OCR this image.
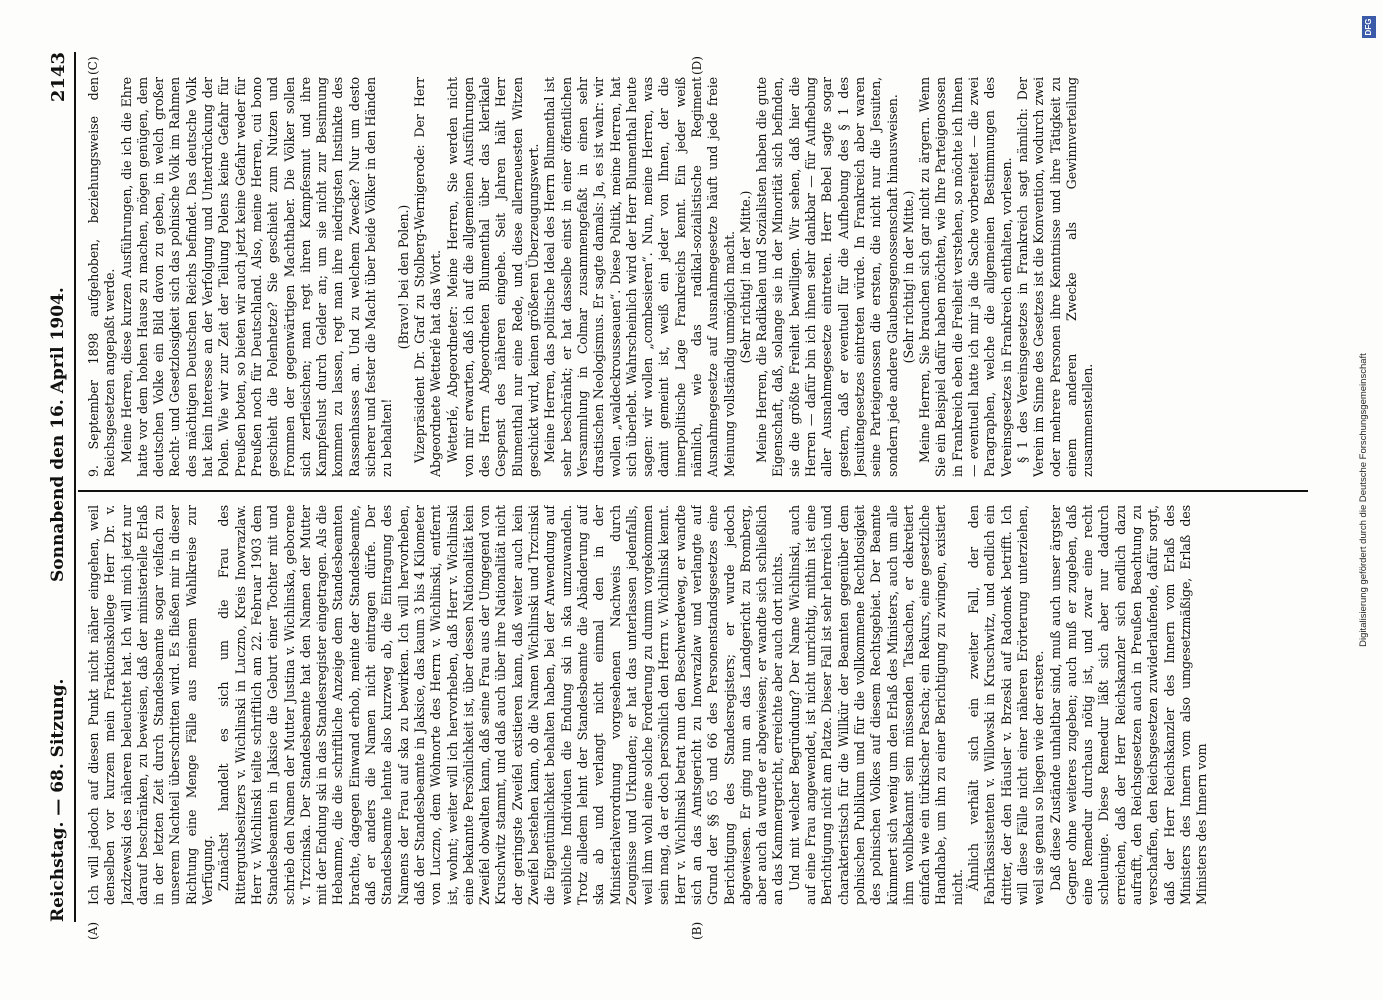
Reichstag. — 68. Sitzung.
Sonnabend den 16. April 1904.
2143
(A)	(B)
(C)	(D)

Ich will jedoch auf diesen Punkt nicht näher eingehen, weil denselben vor kurzem mein Fraktionskollege Herr Dr. v. Jazdzewski des näheren beleuchtet hat. Ich will mich jetzt nur darauf beschränken, zu beweisen, daß der ministerielle Erlaß in der letzten Zeit durch Standesbeamte sogar vielfach zu unserem Nachteil überschritten wird. Es fließen mir in dieser Richtung eine Menge Fälle aus meinem Wahlkreise zur Verfügung. Zunächst handelt es sich um die Frau des Rittergutsbesitzers v. Wichlinski in Luczno, Kreis Inowrazlaw. Herr v. Wichlinski teilte schriftlich am 22. Februar 1903 dem Standesbeamten in Jaksice die Geburt einer Tochter mit und schrieb den Namen der Mutter Justina v. Wichlinska, geborene v. Trzcinska. Der Standesbeamte hat den Namen der Mutter mit der Endung ski in das Standesregister eingetragen. Als die Hebamme, die die schriftliche Anzeige dem Standesbeamten brachte, dagegen Einwand erhob, meinte der Standesbeamte, daß er anders die Namen nicht eintragen dürfe. Der Standesbeamte lehnte also kurzweg ab, die Eintragung des Namens der Frau auf ska zu bewirken. Ich will hervorheben, daß der Standesbeamte in Jaksice, das kaum 3 bis 4 Kilometer von Luczno, dem Wohnorte des Herrn v. Wichlinski, entfernt ist, wohnt; weiter will ich hervorheben, daß Herr v. Wichlinski eine bekannte Persönlichkeit ist, über dessen Nationalität kein Zweifel obwalten kann, daß seine Frau aus der Umgegend von Kruschwitz stammt, und daß auch über ihre Nationalität nicht der geringste Zweifel existieren kann, daß weiter auch kein Zweifel bestehen kann, ob die Namen Wichlinski und Trzcinski die Eigentümlichkeit behalten haben, bei der Anwendung auf weibliche Individuen die Endung ski in ska umzuwandeln. Trotz alledem lehnt der Standesbeamte die Abänderung auf ska ab und verlangt nicht einmal den in der Ministerialverordnung vorgesehenen Nachweis durch Zeugnisse und Urkunden; er hat das unterlassen jedenfalls, weil ihm wohl eine solche Forderung zu dumm vorgekommen sein mag, da er doch persönlich den Herrn v. Wichlinski kennt. Herr v. Wichlinski betrat nun den Beschwerdeweg, er wandte sich an das Amtsgericht zu Inowrazlaw und verlangte auf Grund der §§ 65 und 66 des Personenstandsgesetzes eine Berichtigung des Standesregisters; er wurde jedoch abgewiesen. Er ging nun an das Landgericht zu Bromberg, aber auch da wurde er abgewiesen; er wandte sich schließlich an das Kammergericht, erreichte aber auch dort nichts. Und mit welcher Begründung? Der Name Wichlinski, auch auf eine Frau angewendet, ist nicht unrichtig, mithin ist eine Berichtigung nicht am Platze. Dieser Fall ist sehr lehrreich und charakteristisch für die Willkür der Beamten gegenüber dem polnischen Publikum und für die vollkommene Rechtlosigkeit des polnischen Volkes auf diesem Rechtsgebiet. Der Beamte kümmert sich wenig um den Erlaß des Ministers, auch um alle ihm wohlbekannt sein müssenden Tatsachen, er dekretiert einfach wie ein türkischer Pascha; ein Rekurs, eine gesetzliche Handhabe, um ihn zu einer Berichtigung zu zwingen, existiert nicht. Ähnlich verhält sich ein zweiter Fall, der den Fabrikassistenten v. Willowski in Kruschwitz, und endlich ein dritter, der den Häusler v. Brzeski auf Radomek betrifft. Ich will diese Fälle nicht einer näheren Erörterung unterziehen, weil sie genau so liegen wie der erstere. Daß diese Zustände unhaltbar sind, muß auch unser ärgster Gegner ohne weiteres zugeben; auch muß er zugeben, daß eine Remedur durchaus nötig ist, und zwar eine recht schleunige. Diese Remedur läßt sich aber nur dadurch erreichen, daß der Herr Reichskanzler sich endlich dazu aufrafft, den Reichsgesetzen auch in Preußen Beachtung zu verschaffen, den Reichsgesetzen zuwiderlaufende, dafür sorgt, daß der Herr Reichskanzler des Innern vom Erlaß des Ministers des Innern vom also umgesetzmäßige, Erlaß des Ministers des Innern vom

9. September 1898 aufgehoben, beziehungsweise den Reichsgesetzen angepaßt werde. Meine Herren, diese kurzen Ausführungen, die ich die Ehre hatte vor dem hohen Hause zu machen, mögen genügen, dem deutschen Volke ein Bild davon zu geben, in welch großer Recht- und Gesetzlosigkeit sich das polnische Volk im Rahmen des mächtigen Deutschen Reichs befindet. Das deutsche Volk hat kein Interesse an der Verfolgung und Unterdrückung der Polen. Wie wir zur Zeit der Teilung Polens keine Gefahr für Preußen boten, so bieten wir auch jetzt keine Gefahr weder für Preußen noch für Deutschland. Also, meine Herren, cui bono geschieht die Polenhetze? Sie geschieht zum Nutzen und Frommen der gegenwärtigen Machthaber. Die Völker sollen sich zerfleischen; man regt ihren Kampfesmut und ihre Kampfeslust durch Gelder an; um sie nicht zur Besinnung kommen zu lassen, regt man ihre niedrigsten Instinkte des Rassenhasses an. Und zu welchem Zwecke? Nur um desto sicherer und fester die Macht über beide Völker in den Händen zu behalten!

(Bravo! bei den Polen.) Vizepräsident Dr. Graf zu Stolberg-Wernigerode: Der Herr Abgeordnete Wetterlé hat das Wort. Wetterlé, Abgeordneter: Meine Herren, Sie werden nicht von mir erwarten, daß ich auf die allgemeinen Ausführungen des Herrn Abgeordneten Blumenthal über das klerikale Gespenst des näheren eingehe. Seit Jahren hält Herr Blumenthal nur eine Rede, und diese allerneuesten Witzen geschickt wird, keinen größeren Überzeugungswert. Meine Herren, das politische Ideal des Herrn Blumenthal ist sehr beschränkt; er hat dasselbe einst in einer öffentlichen Versammlung in Colmar zusammengefaßt in einen sehr drastischen Neologismus. Er sagte damals: Ja, es ist wahr: wir wollen „waldeckrousseauen“. Diese Politik, meine Herren, hat sich überlebt. Wahrscheinlich wird der Herr Blumenthal heute sagen: wir wollen „combesieren“. Nun, meine Herren, was damit gemeint ist, weiß ein jeder von Ihnen, der die innerpolitische Lage Frankreichs kennt. Ein jeder weiß nämlich, wie das radikal-sozialistische Regiment Ausnahmegesetze auf Ausnahmegesetze häuft und jede freie Meinung vollständig unmöglich macht. (Sehr richtig! in der Mitte.) Meine Herren, die Radikalen und Sozialisten haben die gute Eigenschaft, daß, solange sie in der Minorität sich befinden, sie die größte Freiheit bewilligen. Wir sehen, daß hier die Herren — dafür bin ich ihnen sehr dankbar — für Aufhebung aller Ausnahmegesetze eintreten. Herr Bebel sagte sogar gestern, daß er eventuell für die Aufhebung des § 1 des Jesuitengesetzes eintreten würde. In Frankreich aber waren seine Parteigenossen die ersten, die nicht nur die Jesuiten, sondern jede andere Glaubensgenossenschaft hinausweisen. (Sehr richtig! in der Mitte.) Meine Herren, Sie brauchen sich gar nicht zu ärgern. Wenn Sie ein Beispiel dafür haben möchten, wie Ihre Parteigenossen in Frankreich eben die Freiheit verstehen, so möchte ich Ihnen — eventuell hatte ich mir ja die Sache vorbereitet — die zwei Paragraphen, welche die allgemeinen Bestimmungen des Vereinsgesetzes in Frankreich enthalten, vorlesen. § 1 des Vereinsgesetzes in Frankreich sagt nämlich: Der Verein im Sinne des Gesetzes ist die Konvention, wodurch zwei oder mehrere Personen ihre Kenntnisse und ihre Tätigkeit zu einem anderen Zwecke als Gewinnverteilung zusammenstellen.	Digitalisierung gefördert durch die Deutsche Forschungsgemeinschaft
DFG
